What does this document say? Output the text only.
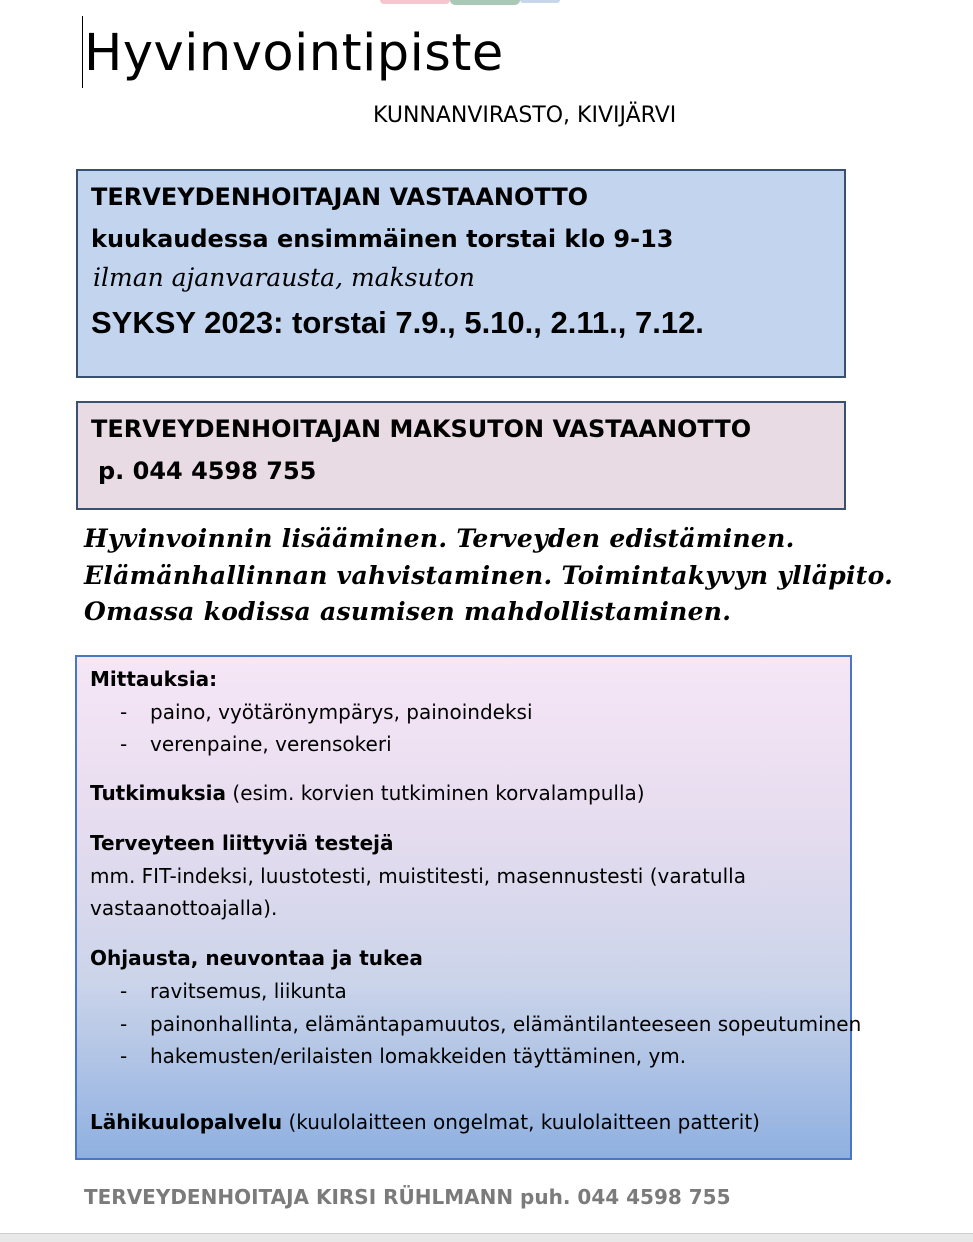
Hyvinvointipiste
KUNNANVIRASTO, KIVIJÄRVI
TERVEYDENHOITAJAN VASTAANOTTO
kuukaudessa ensimmäinen torstai klo 9-13
ilman ajanvarausta, maksuton
SYKSY 2023: torstai 7.9., 5.10., 2.11., 7.12.
TERVEYDENHOITAJAN MAKSUTON VASTAANOTTO
p. 044 4598 755
Hyvinvoinnin lisääminen. Terveyden edistäminen.
Elämänhallinnan vahvistaminen. Toimintakyvyn ylläpito.
Omassa kodissa asumisen mahdollistaminen.
Mittauksia:
- paino, vyötärönympärys, painoindeksi
- verenpaine, verensokeri
Tutkimuksia (esim. korvien tutkiminen korvalampulla)
Terveyteen liittyviä testejä
mm. FIT-indeksi, luustotesti, muistitesti, masennustesti (varatulla
vastaanottoajalla).
Ohjausta, neuvontaa ja tukea
- ravitsemus, liikunta
- painonhallinta, elämäntapamuutos, elämäntilanteeseen sopeutuminen
- hakemusten/erilaisten lomakkeiden täyttäminen, ym.
Lähikuulopalvelu (kuulolaitteen ongelmat, kuulolaitteen patterit)
TERVEYDENHOITAJA KIRSI RÜHLMANN puh. 044 4598 755
